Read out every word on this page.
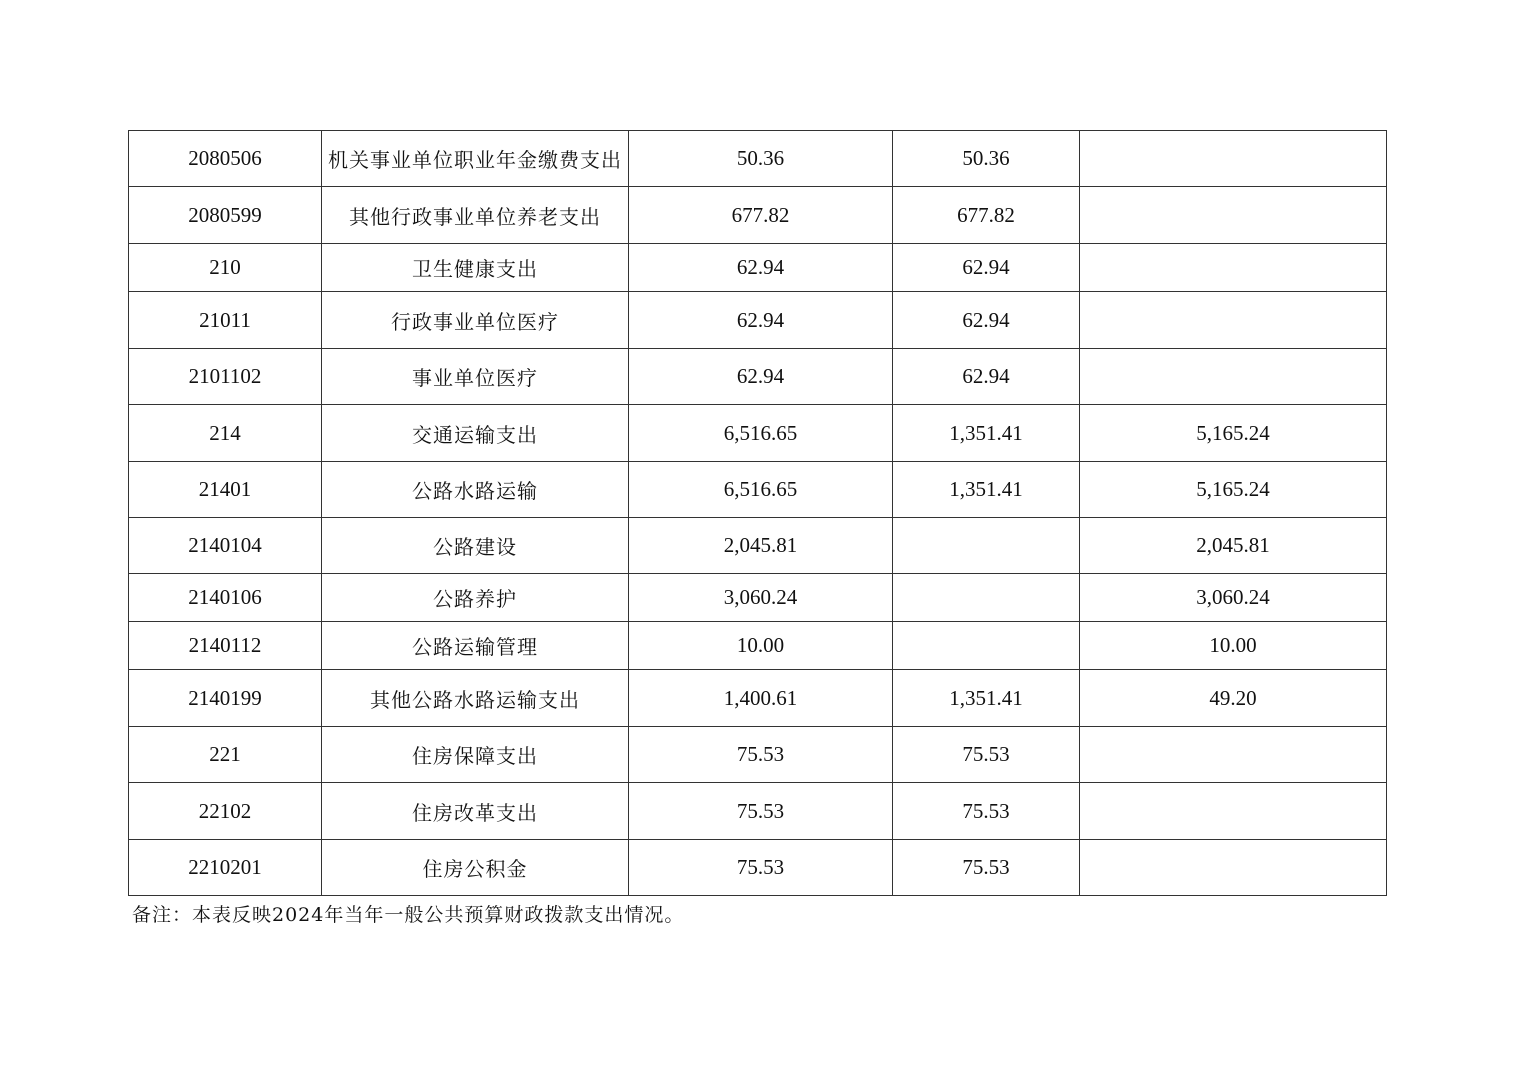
2080506	机关事业单位职业年金缴费支出	50.36	50.36	
2080599	其他行政事业单位养老支出	677.82	677.82	
210	卫生健康支出	62.94	62.94	
21011	行政事业单位医疗	62.94	62.94	
2101102	事业单位医疗	62.94	62.94	
214	交通运输支出	6,516.65	1,351.41	5,165.24
21401	公路水路运输	6,516.65	1,351.41	5,165.24
2140104	公路建设	2,045.81		2,045.81
2140106	公路养护	3,060.24		3,060.24
2140112	公路运输管理	10.00		10.00
2140199	其他公路水路运输支出	1,400.61	1,351.41	49.20
221	住房保障支出	75.53	75.53	
22102	住房改革支出	75.53	75.53	
2210201	住房公积金	75.53	75.53	
备注：本表反映2024年当年一般公共预算财政拨款支出情况。
